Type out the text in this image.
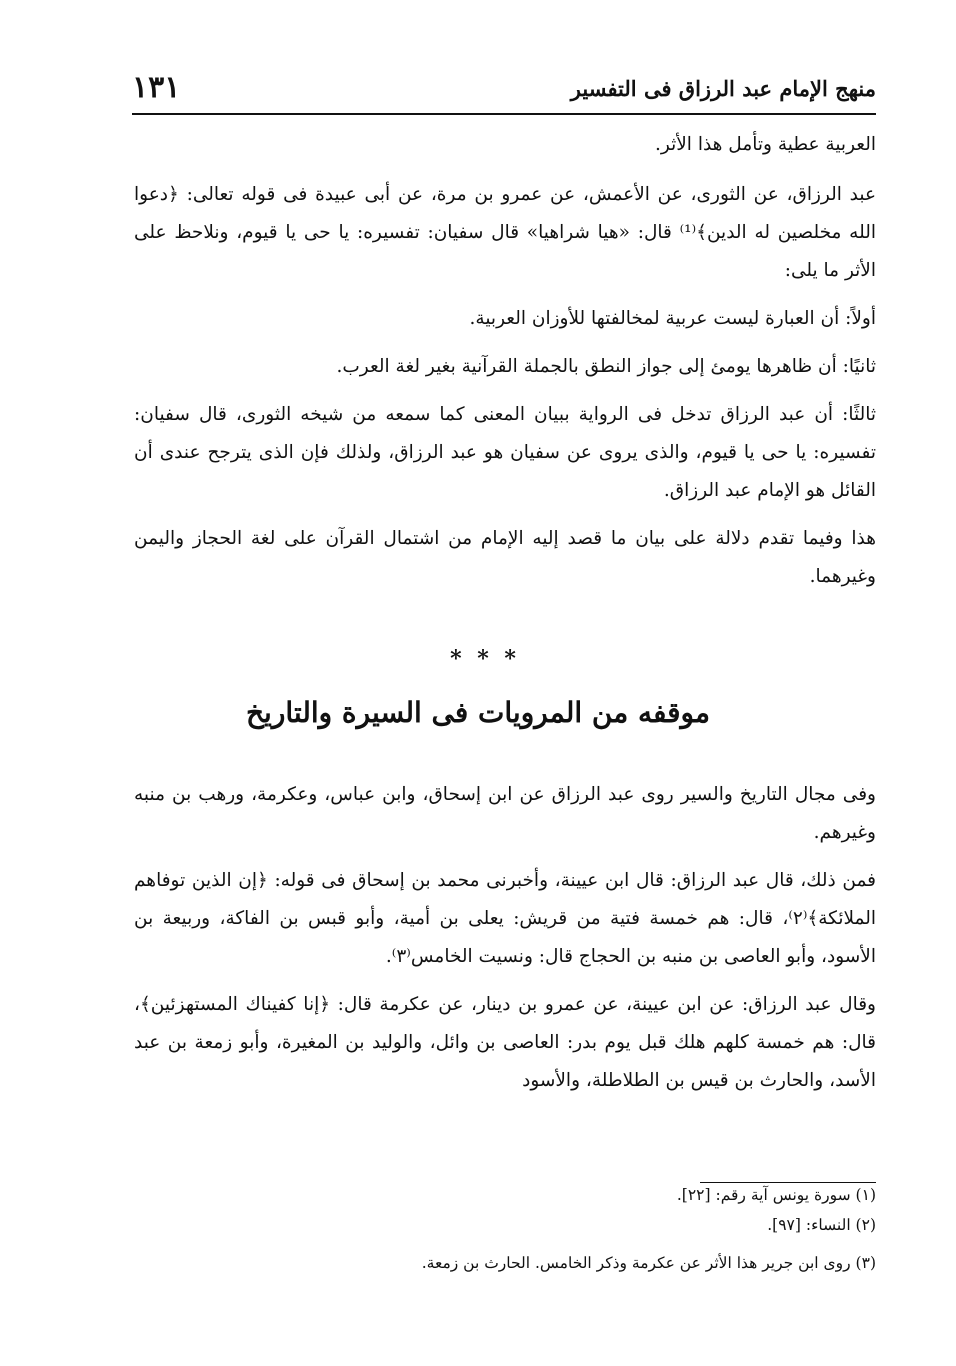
منهج الإمام عبد الرزاق فى التفسير
١٣١

العربية عطية وتأمل هذا الأثر.

عبد الرزاق، عن الثورى، عن الأعمش، عن عمرو بن مرة، عن أبى عبيدة فى قوله تعالى: ﴿دعوا الله مخلصين له الدين﴾⁽¹⁾ قال: «هيا شراهيا» قال سفيان: تفسيره: يا حى يا قيوم، ونلاحظ على الأثر ما يلى:

أولاً: أن العبارة ليست عربية لمخالفتها للأوزان العربية.

ثانيًا: أن ظاهرها يومئ إلى جواز النطق بالجملة القرآنية بغير لغة العرب.

ثالثًا: أن عبد الرزاق تدخل فى الرواية ببيان المعنى كما سمعه من شيخه الثورى، قال سفيان: تفسيره: يا حى يا قيوم، والذى يروى عن سفيان هو عبد الرزاق، ولذلك فإن الذى يترجح عندى أن القائل هو الإمام عبد الرزاق.

هذا وفيما تقدم دلالة على بيان ما قصد إليه الإمام من اشتمال القرآن على لغة الحجاز واليمن وغيرهما.

* * *
موقفه من المرويات فى السيرة والتاريخ

وفى مجال التاريخ والسير روى عبد الرزاق عن ابن إسحاق، وابن عباس، وعكرمة، ورهب بن منبه وغيرهم.

فمن ذلك، قال عبد الرزاق: قال ابن عيينة، وأخبرنى محمد بن إسحاق فى قوله: ﴿إن الذين توفاهم الملائكة﴾⁽٢⁾، قال: هم خمسة فتية من قريش: يعلى بن أمية، وأبو قبس بن الفاكة، وربيعة بن الأسود، وأبو العاصى بن منبه بن الحجاج قال: ونسيت الخامس⁽٣⁾.

وقال عبد الرزاق: عن ابن عيينة، عن عمرو بن دينار، عن عكرمة قال: ﴿إنا كفيناك المستهزئين﴾، قال: هم خمسة كلهم هلك قبل يوم بدر: العاصى بن وائل، والوليد بن المغيرة، وأبو زمعة بن عبد الأسد، والحارث بن قيس بن الطلاطلة، والأسود

(١) سورة يونس آية رقم: [٢٢].

(٢) النساء: [٩٧].

(٣) روى ابن جرير هذا الأثر عن عكرمة وذكر الخامس. الحارث بن زمعة.
